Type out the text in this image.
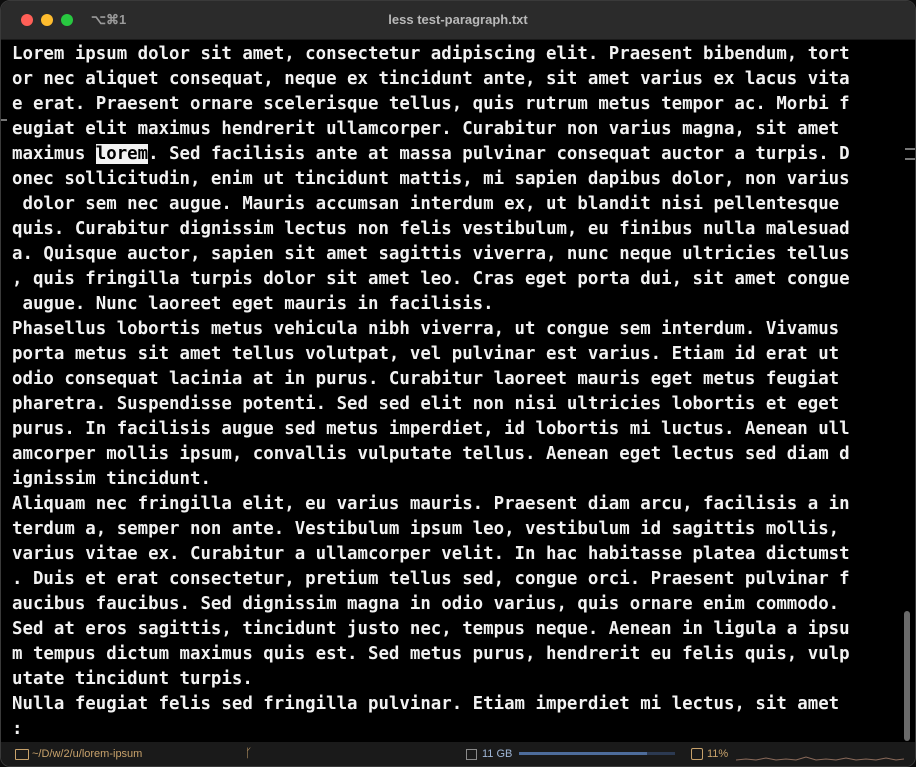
⌥⌘1	less test-paragraph.txt
Lorem ipsum dolor sit amet, consectetur adipiscing elit. Praesent bibendum, tort
or nec aliquet consequat, neque ex tincidunt ante, sit amet varius ex lacus vita
e erat. Praesent ornare scelerisque tellus, quis rutrum metus tempor ac. Morbi f
eugiat elit maximus hendrerit ullamcorper. Curabitur non varius magna, sit amet
maximus lorem. Sed facilisis ante at massa pulvinar consequat auctor a turpis. D
onec sollicitudin, enim ut tincidunt mattis, mi sapien dapibus dolor, non varius
dolor sem nec augue. Mauris accumsan interdum ex, ut blandit nisi pellentesque
quis. Curabitur dignissim lectus non felis vestibulum, eu finibus nulla malesuad
a. Quisque auctor, sapien sit amet sagittis viverra, nunc neque ultricies tellus
, quis fringilla turpis dolor sit amet leo. Cras eget porta dui, sit amet congue
augue. Nunc laoreet eget mauris in facilisis.
Phasellus lobortis metus vehicula nibh viverra, ut congue sem interdum. Vivamus
porta metus sit amet tellus volutpat, vel pulvinar est varius. Etiam id erat ut
odio consequat lacinia at in purus. Curabitur laoreet mauris eget metus feugiat
pharetra. Suspendisse potenti. Sed sed elit non nisi ultricies lobortis et eget
purus. In facilisis augue sed metus imperdiet, id lobortis mi luctus. Aenean ull
amcorper mollis ipsum, convallis vulputate tellus. Aenean eget lectus sed diam d
ignissim tincidunt.
Aliquam nec fringilla elit, eu varius mauris. Praesent diam arcu, facilisis a in
terdum a, semper non ante. Vestibulum ipsum leo, vestibulum id sagittis mollis,
varius vitae ex. Curabitur a ullamcorper velit. In hac habitasse platea dictumst
. Duis et erat consectetur, pretium tellus sed, congue orci. Praesent pulvinar f
aucibus faucibus. Sed dignissim magna in odio varius, quis ornare enim commodo.
Sed at eros sagittis, tincidunt justo nec, tempus neque. Aenean in ligula a ipsu
m tempus dictum maximus quis est. Sed metus purus, hendrerit eu felis quis, vulp
utate tincidunt turpis.
Nulla feugiat felis sed fringilla pulvinar. Etiam imperdiet mi lectus, sit amet
:
~/D/w/2/u/lorem-ipsum	ᚴ	11 GB	11%
